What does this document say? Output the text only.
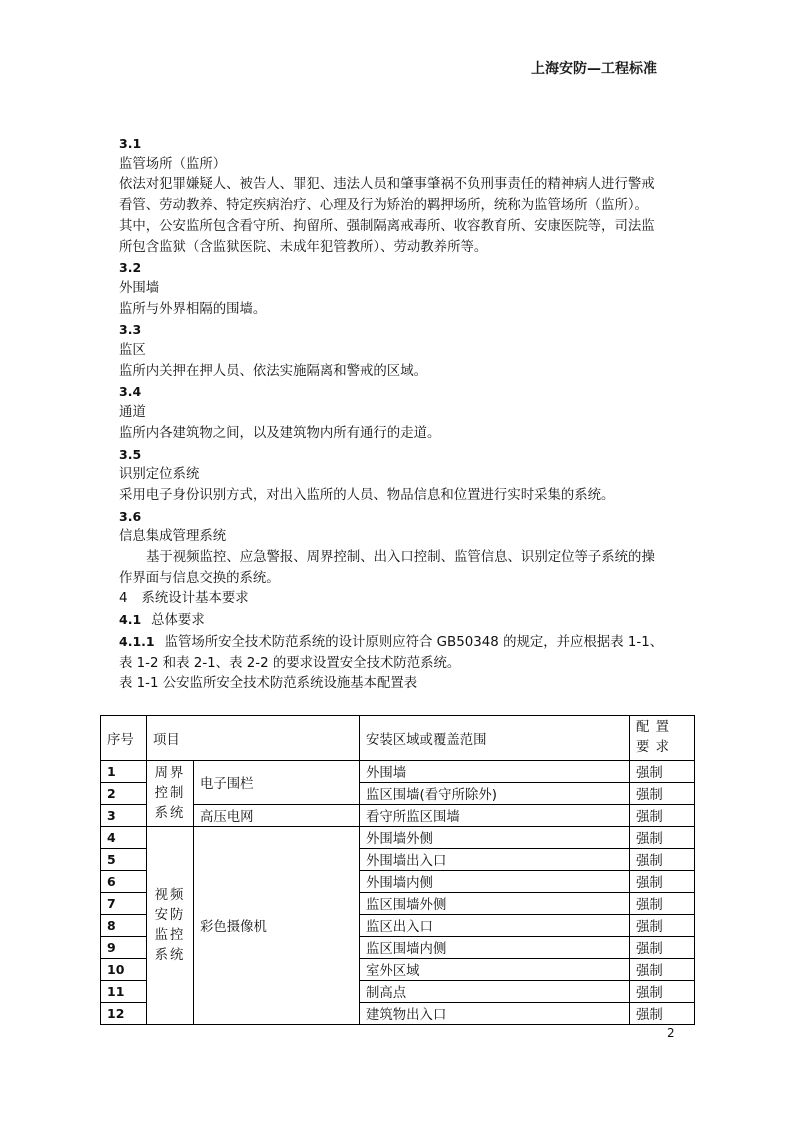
上海安防—工程标准

3.1

监管场所（监所）

依法对犯罪嫌疑人、被告人、罪犯、违法人员和肇事肇祸不负刑事责任的精神病人进行警戒

看管、劳动教养、特定疾病治疗、心理及行为矫治的羁押场所，统称为监管场所（监所）。

其中，公安监所包含看守所、拘留所、强制隔离戒毒所、收容教育所、安康医院等，司法监

所包含监狱（含监狱医院、未成年犯管教所）、劳动教养所等。

3.2

外围墙

监所与外界相隔的围墙。

3.3

监区

监所内关押在押人员、依法实施隔离和警戒的区域。

3.4

通道

监所内各建筑物之间，以及建筑物内所有通行的走道。

3.5

识别定位系统

采用电子身份识别方式，对出入监所的人员、物品信息和位置进行实时采集的系统。

3.6

信息集成管理系统

基于视频监控、应急警报、周界控制、出入口控制、监管信息、识别定位等子系统的操

作界面与信息交换的系统。

4 系统设计基本要求

4.1 总体要求

4.1.1 监管场所安全技术防范系统的设计原则应符合 GB50348 的规定，并应根据表 1-1、

表 1-2 和表 2-1、表 2-2 的要求设置安全技术防范系统。

表 1-1 公安监所安全技术防范系统设施基本配置表

序号	项目		安装区域或覆盖范围	配 置 要 求
1	周界控制系统	电子围栏	外围墙	强制
2			监区围墙(看守所除外)	强制
3		高压电网	看守所监区围墙	强制
4	视频安防监控系统	彩色摄像机	外围墙外侧	强制
5			外围墙出入口	强制
6			外围墙内侧	强制
7			监区围墙外侧	强制
8			监区出入口	强制
9			监区围墙内侧	强制
10			室外区域	强制
11			制高点	强制
12			建筑物出入口	强制
2
